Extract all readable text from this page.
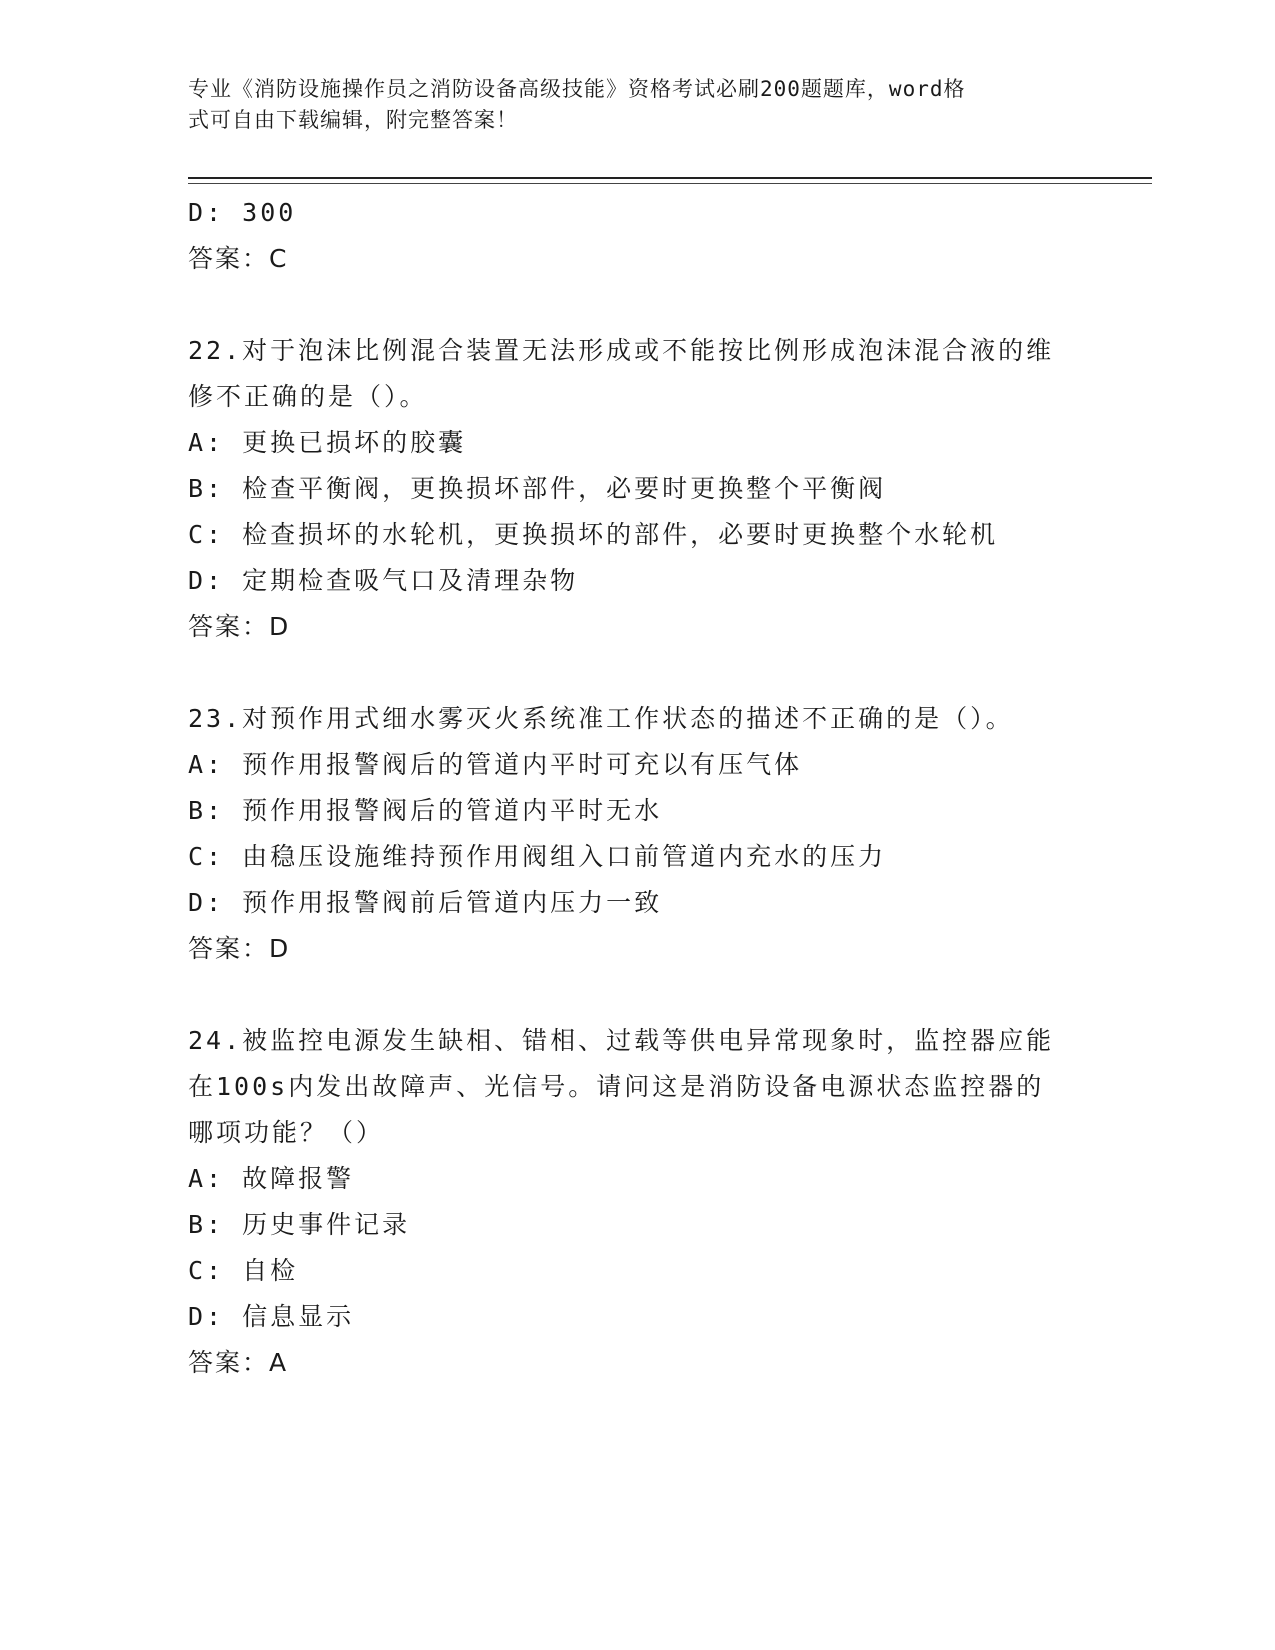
专业《消防设施操作员之消防设备高级技能》资格考试必刷200题题库，word格
式可自由下载编辑，附完整答案！
D: 300
答案：C
22.对于泡沫比例混合装置无法形成或不能按比例形成泡沫混合液的维
修不正确的是（）。
A: 更换已损坏的胶囊
B: 检查平衡阀，更换损坏部件，必要时更换整个平衡阀
C: 检查损坏的水轮机，更换损坏的部件，必要时更换整个水轮机
D: 定期检查吸气口及清理杂物
答案：D
23.对预作用式细水雾灭火系统准工作状态的描述不正确的是（）。
A: 预作用报警阀后的管道内平时可充以有压气体
B: 预作用报警阀后的管道内平时无水
C: 由稳压设施维持预作用阀组入口前管道内充水的压力
D: 预作用报警阀前后管道内压力一致
答案：D
24.被监控电源发生缺相、错相、过载等供电异常现象时，监控器应能
在100s内发出故障声、光信号。请问这是消防设备电源状态监控器的
哪项功能？（）
A: 故障报警
B: 历史事件记录
C: 自检
D: 信息显示
答案：A
